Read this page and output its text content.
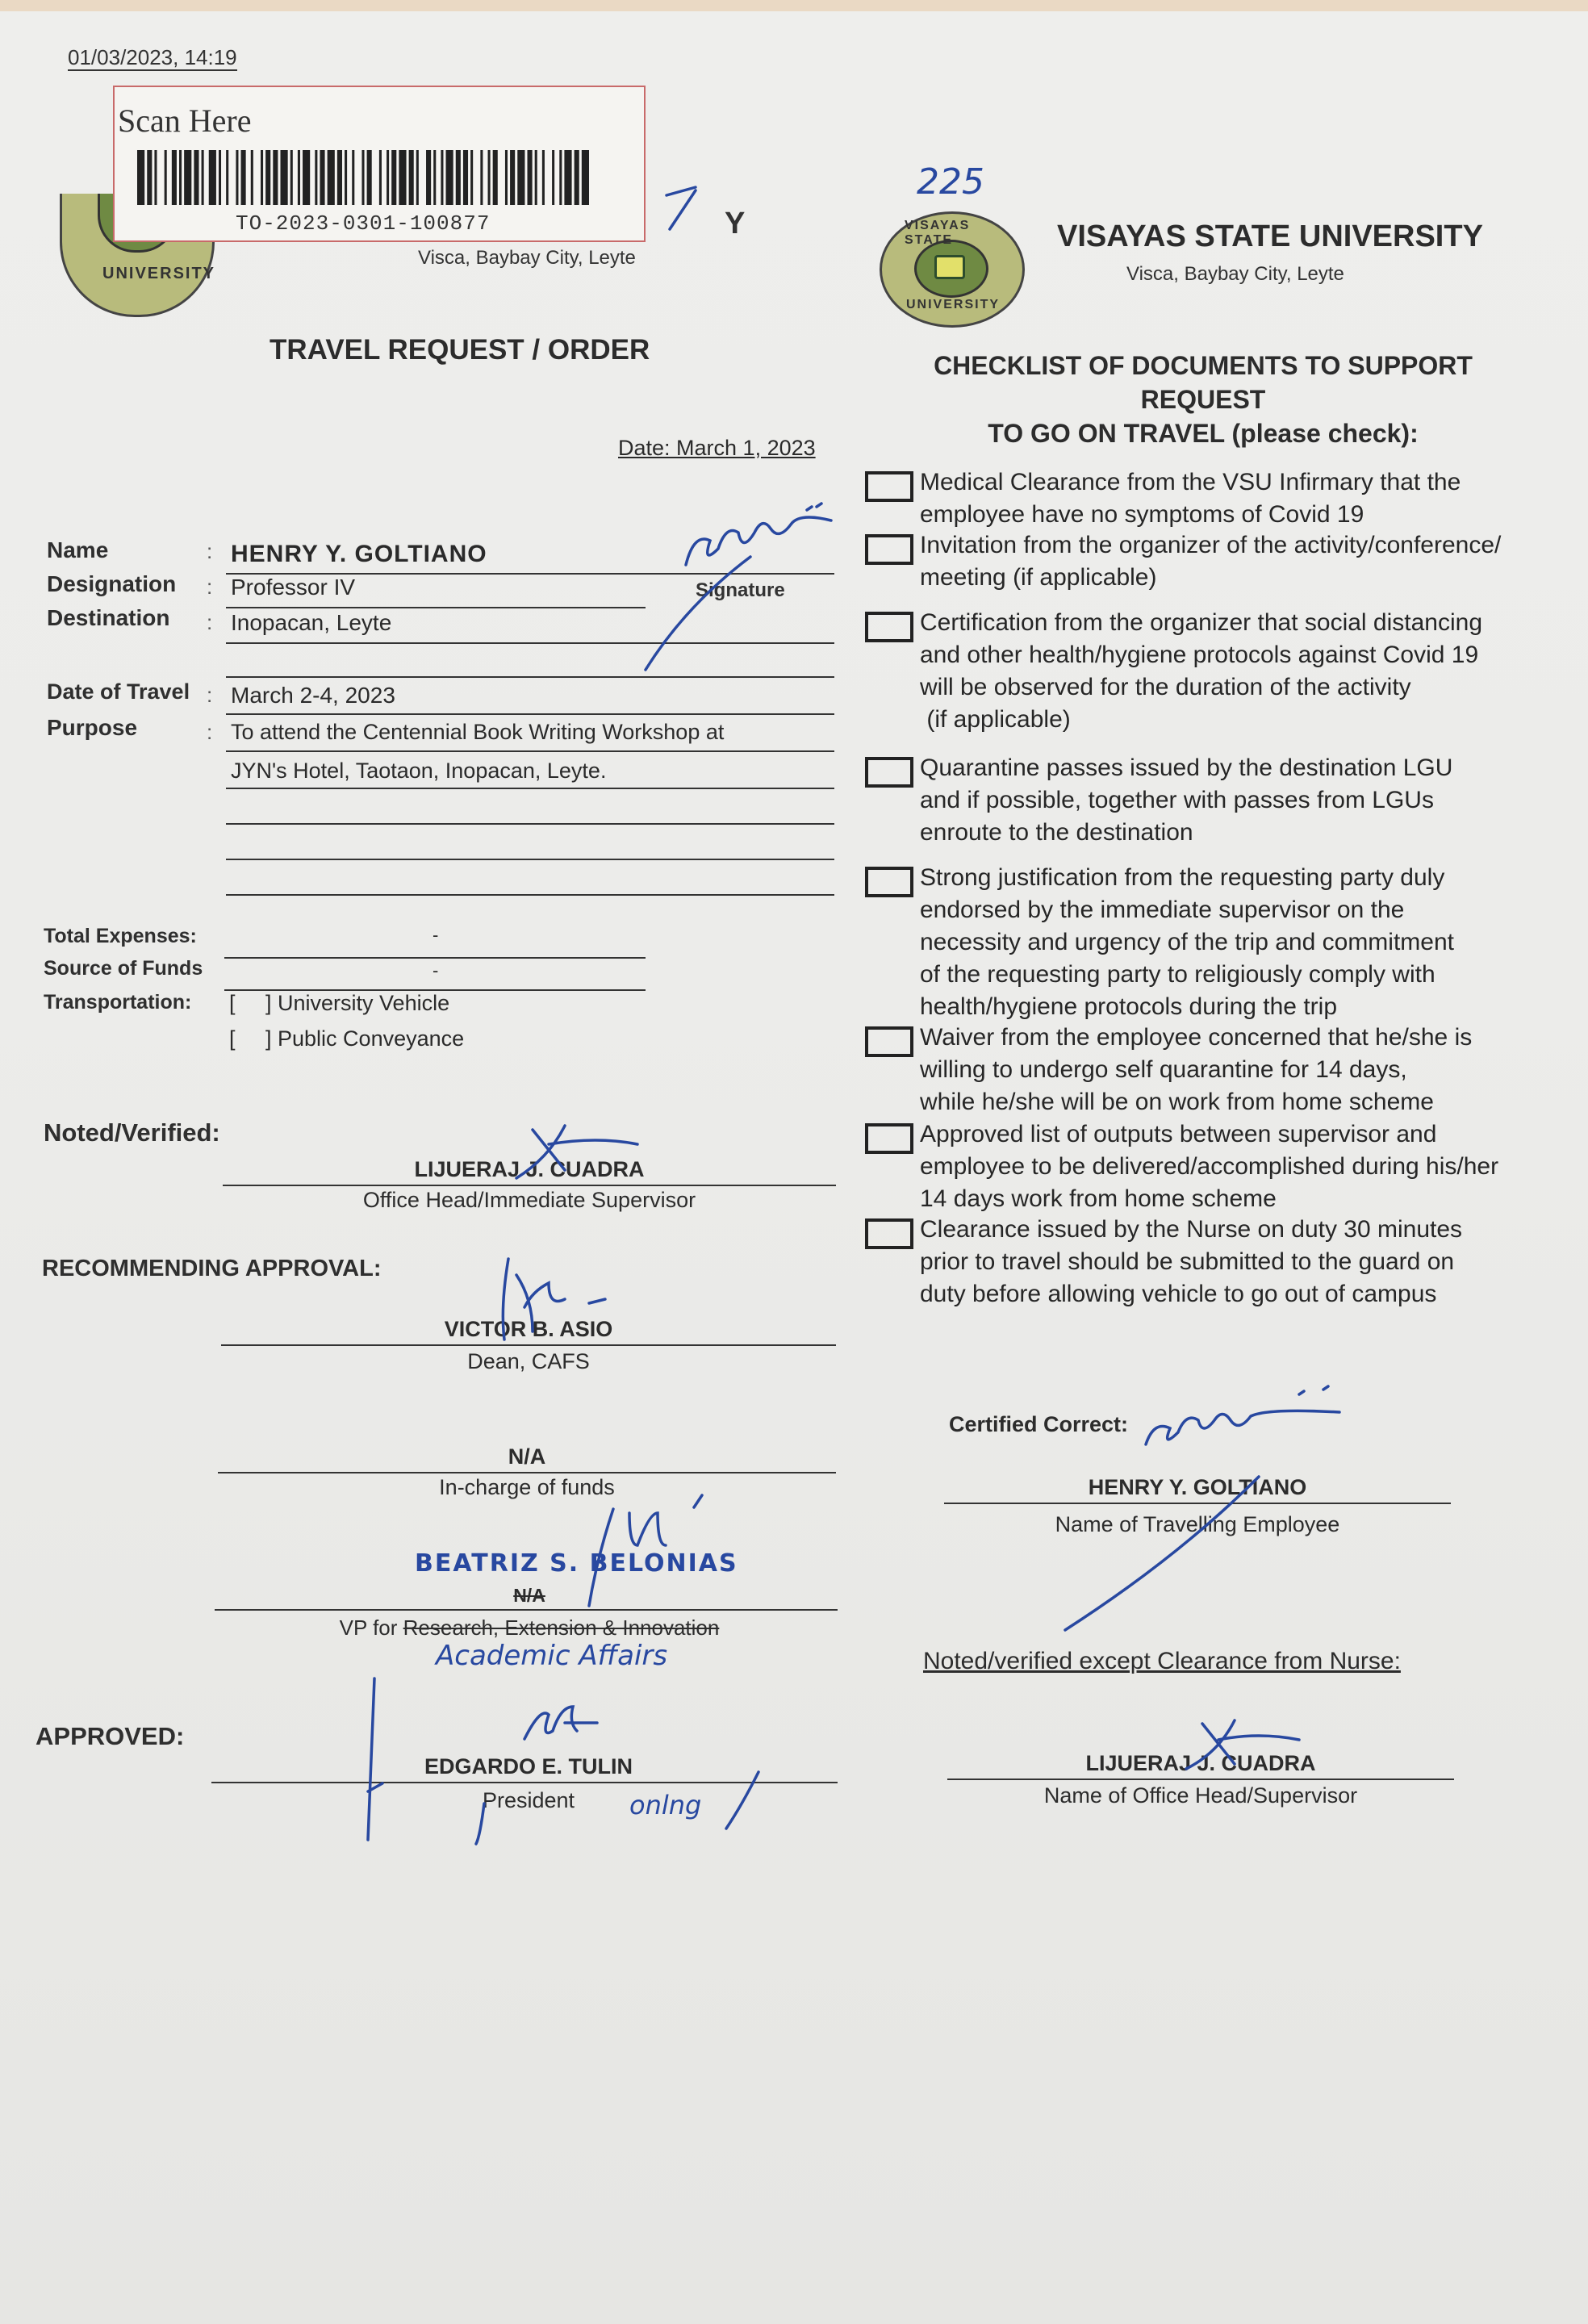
01/03/2023, 14:19
UNIVERSITY
Scan Here
TO-2023-0301-100877	Y
Visca, Baybay City, Leyte
225
VISAYAS STATE
UNIVERSITY
VISAYAS STATE UNIVERSITY
Visca, Baybay City, Leyte
TRAVEL REQUEST / ORDER	CHECKLIST OF DOCUMENTS TO SUPPORT REQUEST
TO GO ON TRAVEL (please check):
Date: March 1, 2023
Name	: HENRY Y. GOLTIANO
Designation : Professor IV	Signature
Destination : Inopacan, Leyte
Date of Travel : March 2-4, 2023
Purpose	: To attend the Centennial Book Writing Workshop at
JYN's Hotel, Taotaon, Inopacan, Leyte.
Total Expenses:	-
Source of Funds	-
Transportation: [     ] University Vehicle
[     ] Public Conveyance
Noted/Verified:
LIJUERAJ J. CUADRA
Office Head/Immediate Supervisor
RECOMMENDING APPROVAL:
VICTOR B. ASIO
Dean, CAFS
N/A
In-charge of funds
BEATRIZ S. BELONIAS
N/A
VP for Research, Extension & Innovation
Academic Affairs
APPROVED:
EDGARDO E. TULIN
President	onlng
Medical Clearance from the VSU Infirmary that the
employee have no symptoms of Covid 19
Invitation from the organizer of the activity/conference/
meeting (if applicable)
Certification from the organizer that social distancing
and other health/hygiene protocols against Covid 19
will be observed for the duration of the activity
(if applicable)
Quarantine passes issued by the destination LGU
and if possible, together with passes from LGUs
enroute to the destination
Strong justification from the requesting party duly
endorsed by the immediate supervisor on the
necessity and urgency of the trip and commitment
of the requesting party to religiously comply with
health/hygiene protocols during the trip
Waiver from the employee concerned that he/she is
willing to undergo self quarantine for 14 days,
while he/she will be on work from home scheme
Approved list of outputs between supervisor and
employee to be delivered/accomplished during his/her
14 days work from home scheme
Clearance issued by the Nurse on duty 30 minutes
prior to travel should be submitted to the guard on
duty before allowing vehicle to go out of campus
Certified Correct:
HENRY Y. GOLTIANO
Name of Travelling Employee
Noted/verified except Clearance from Nurse:
LIJUERAJ J. CUADRA
Name of Office Head/Supervisor
